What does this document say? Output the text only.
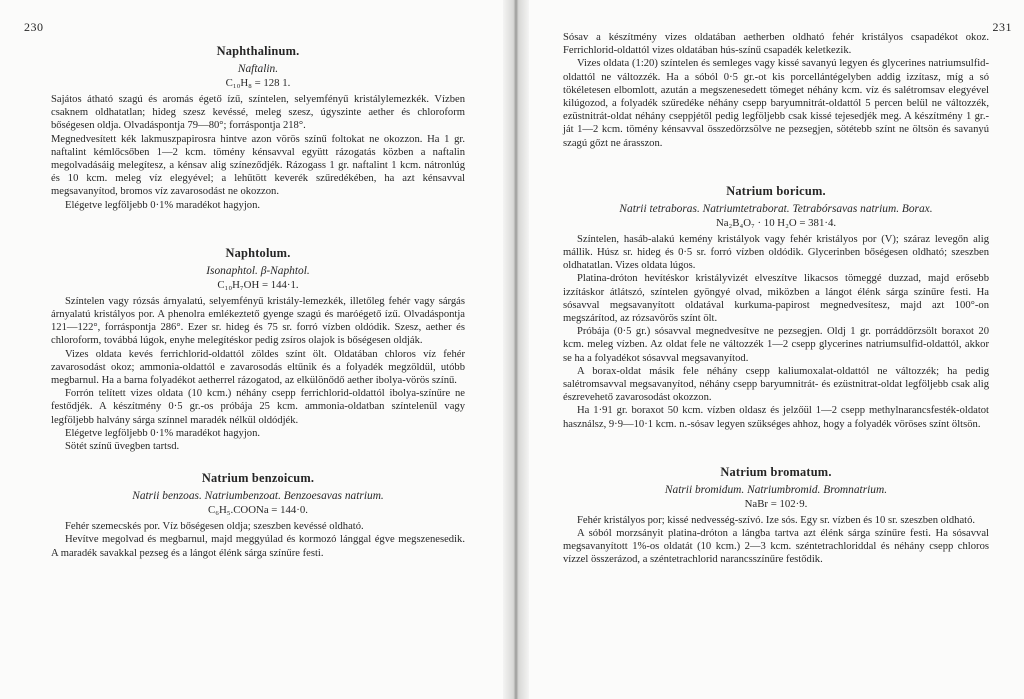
230
Naphthalinum.
Naftalin.
C₁₀H₈ = 128 1.

Sajátos átható szagú és aromás égető ízű, színtelen, selyemfényű kristálylemezkék. Vízben csaknem oldhatatlan; hideg szesz kevéssé, meleg szesz, úgyszinte aether és chloroform bőségesen oldja. Olvadáspontja 79—80°; forráspontja 218°.

Megnedvesített kék lakmuszpapirosra hintve azon vörös színű foltokat ne okozzon. Ha 1 gr. naftalint kémlőcsőben 1—2 kcm. tömény kénsavval együtt rázogatás közben a naftalin megolvadásáig melegítesz, a kénsav alig színeződjék. Rázogass 1 gr. naftalint 1 kcm. nátronlúg és 10 kcm. meleg víz elegyével; a lehűtött keverék szűredékében, ha azt kénsavval megsavanyítod, bromos víz zavarosodást ne okozzon.

Elégetve legföljebb 0·1% maradékot hagyjon.

Naphtolum.
Isonaphtol. β-Naphtol.
C₁₀H₇OH = 144·1.

Színtelen vagy rózsás árnyalatú, selyemfényű kristály-lemezkék, illetőleg fehér vagy sárgás árnyalatú kristályos por. A phenolra emlékeztető gyenge szagú és maróégető ízű. Olvadáspontja 121—122°, forráspontja 286°. Ezer sr. hideg és 75 sr. forró vízben oldódik. Szesz, aether és chloroform, továbbá lúgok, enyhe melegítéskor pedig zsíros olajok is bőségesen oldják.

Vizes oldata kevés ferrichlorid-oldattól zöldes színt ölt. Oldatában chloros víz fehér zavarosodást okoz; ammonia-oldattól e zavarosodás eltűnik és a folyadék megzöldül, utóbb megbarnul. Ha a barna folyadékot aetherrel rázogatod, az elkülönődő aether ibolya-vörös színű.

Forrón telített vizes oldata (10 kcm.) néhány csepp ferrichlorid-oldattól ibolya-színűre ne festődjék. A készítmény 0·5 gr.-os próbája 25 kcm. ammonia-oldatban színtelenül vagy legföljebb halvány sárga színnel maradék nélkül oldódjék.

Elégetve legföljebb 0·1% maradékot hagyjon.

Sötét színű üvegben tartsd.

Natrium benzoicum.
Natrii benzoas. Natriumbenzoat. Benzoesavas natrium.
C₆H₅.COONa = 144·0.

Fehér szemecskés por. Víz bőségesen oldja; szeszben kevéssé oldható.

Hevítve megolvad és megbarnul, majd meggyúlad és kormozó lánggal égve megszenesedik. A maradék savakkal pezseg és a lángot élénk sárga színűre festi.

231

Sósav a készítmény vizes oldatában aetherben oldható fehér kristályos csapadékot okoz. Ferrichlorid-oldattól vizes oldatában hús-színű csapadék keletkezik.

Vizes oldata (1:20) színtelen és semleges vagy kissé savanyú legyen és glycerines natriumsulfid-oldattól ne változzék. Ha a sóból 0·5 gr.-ot kis porcellántégelyben addig izzítasz, míg a só tökéletesen elbomlott, azután a megszenesedett tömeget néhány kcm. víz és salétromsav elegyével kilúgozod, a folyadék szűredéke néhány csepp baryumnitrát-oldattól 5 percen belül ne változzék, ezüstnitrát-oldat néhány cseppjétől pedig legföljebb csak kissé tejesedjék meg. A készítmény 1 gr.-ját 1—2 kcm. tömény kénsavval összedörzsölve ne pezsegjen, sötétebb színt ne öltsön és savanyú szagú gőzt ne árasszon.

Natrium boricum.
Natrii tetraboras. Natriumtetraborat. Tetrabórsavas natrium. Borax.
Na₂B₄O₇ · 10 H₂O = 381·4.

Színtelen, hasáb-alakú kemény kristályok vagy fehér kristályos por (V); száraz levegőn alig mállik. Húsz sr. hideg és 0·5 sr. forró vízben oldódik. Glycerinben bőségesen oldható; szeszben oldhatatlan. Vizes oldata lúgos.

Platina-dróton hevítéskor kristályvizét elveszítve likacsos tömeggé duzzad, majd erősebb izzításkor átlátszó, színtelen gyöngyé olvad, miközben a lángot élénk sárga színűre festi. Ha sósavval megsavanyított oldatával kurkuma-papirost megnedvesítesz, majd azt 100°-on megszárítod, az rózsavörös színt ölt.

Próbája (0·5 gr.) sósavval megnedvesítve ne pezsegjen. Oldj 1 gr. porráddörzsölt boraxot 20 kcm. meleg vízben. Az oldat fele ne változzék 1—2 csepp glycerines natriumsulfid-oldattól, akkor se ha a folyadékot sósavval megsavanyítod.

A borax-oldat másik fele néhány csepp kaliumoxalat-oldattól ne változzék; ha pedig salétromsavval megsavanyítod, néhány csepp baryumnitrát- és ezüstnitrat-oldat legföljebb csak alig észrevehető zavarosodást okozzon.

Ha 1·91 gr. boraxot 50 kcm. vízben oldasz és jelzőül 1—2 csepp methylnarancsfesték-oldatot használsz, 9·9—10·1 kcm. n.-sósav legyen szükséges ahhoz, hogy a folyadék vöröses színt öltsön.

Natrium bromatum.
Natrii bromidum. Natriumbromid. Bromnatrium.
NaBr = 102·9.

Fehér kristályos por; kissé nedvesség-szívó. Ize sós. Egy sr. vízben és 10 sr. szeszben oldható.

A sóból morzsányit platina-dróton a lángba tartva azt élénk sárga színűre festi. Ha sósavval megsavanyított 1%-os oldatát (10 kcm.) 2—3 kcm. széntetrachloriddal és néhány csepp chloros vízzel összerázod, a széntetrachlorid narancsszínűre festődik.
